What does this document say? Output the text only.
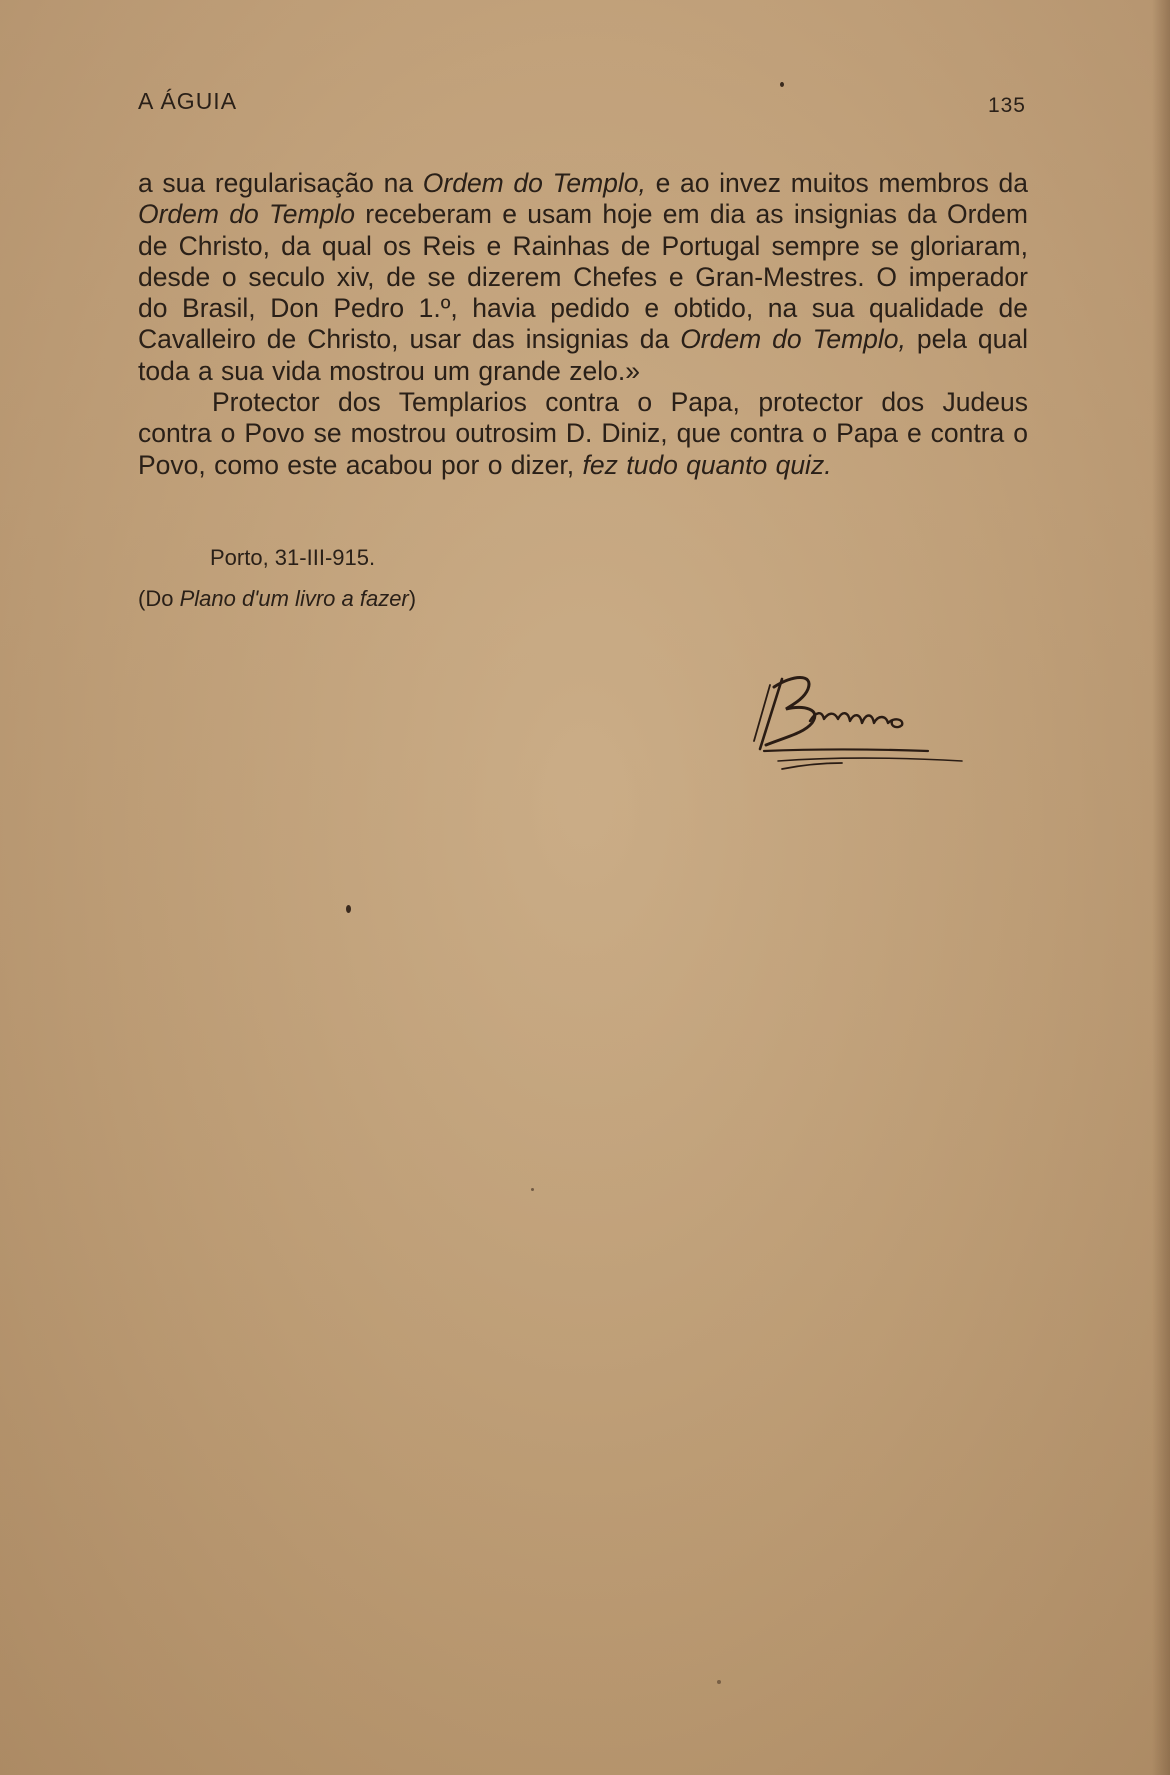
A ÁGUIA	135

a sua regularisação na Ordem do Templo, e ao invez muitos membros da Ordem do Templo receberam e usam hoje em dia as insignias da Ordem de Christo, da qual os Reis e Rainhas de Portugal sempre se gloriaram, desde o seculo xiv, de se dizerem Chefes e Gran-Mestres. O imperador do Brasil, Don Pedro 1.º, havia pedido e obtido, na sua qualidade de Cavalleiro de Christo, usar das insignias da Ordem do Templo, pela qual toda a sua vida mostrou um grande zelo.»

Protector dos Templarios contra o Papa, protector dos Judeus contra o Povo se mostrou outrosim D. Diniz, que contra o Papa e contra o Povo, como este acabou por o dizer, fez tudo quanto quiz.

Porto, 31-III-915.
(Do Plano d'um livro a fazer)
